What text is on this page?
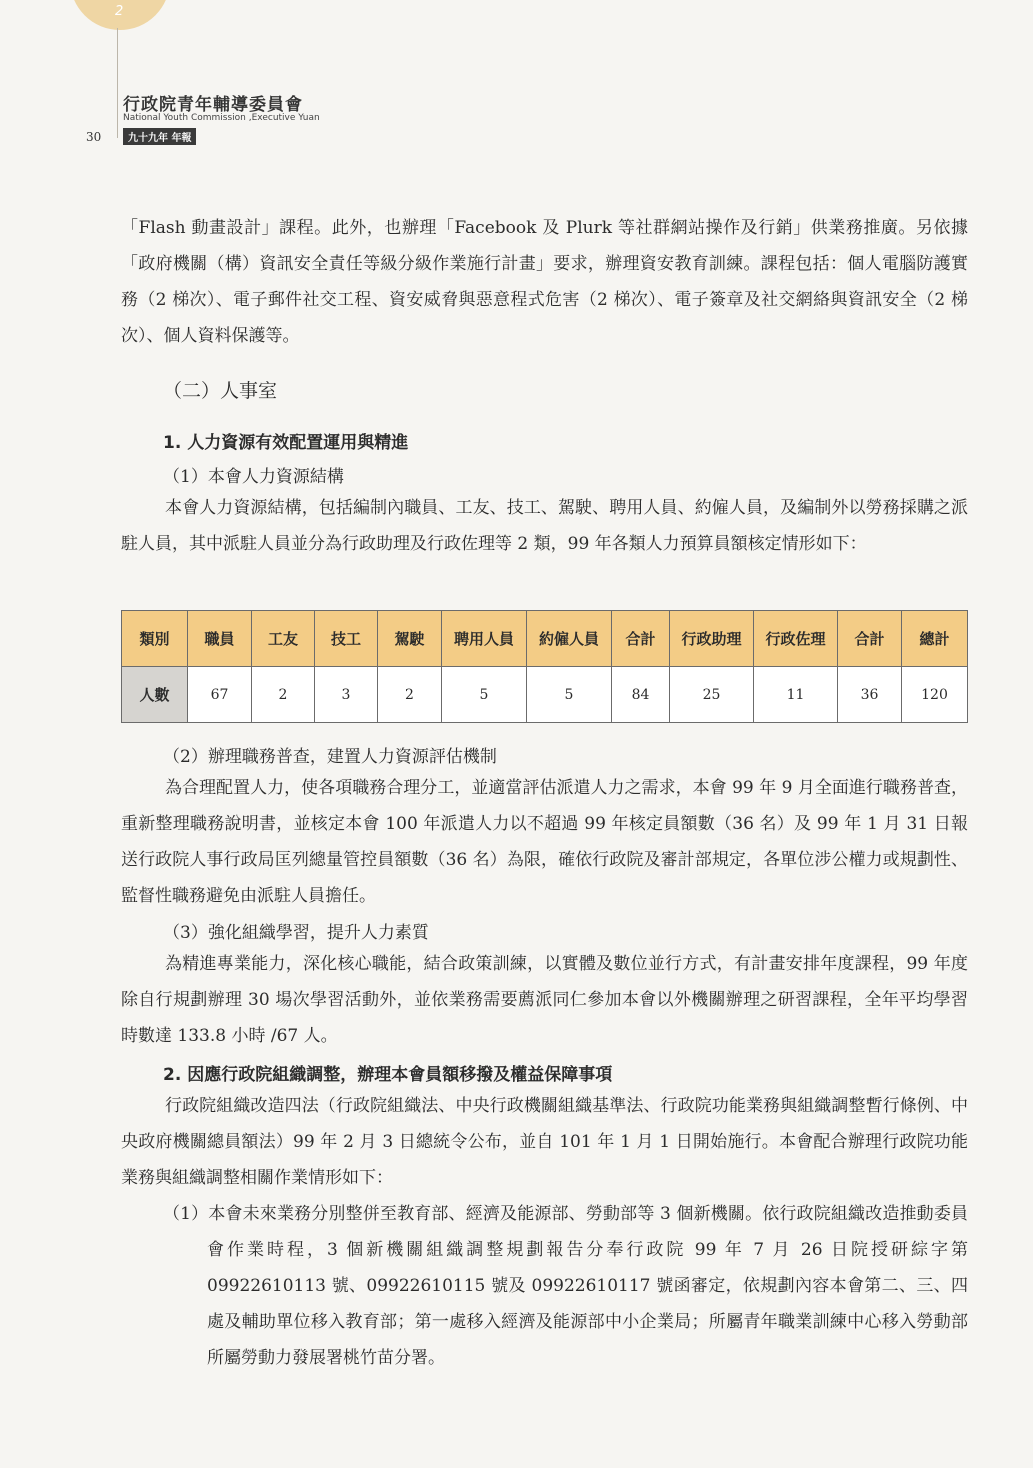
2
行政院青年輔導委員會
National Youth Commission ,Executive Yuan
九十九年 年報
30

「Flash 動畫設計」課程。此外，也辦理「Facebook 及 Plurk 等社群網站操作及行銷」供業務推廣。另依據「政府機關（構）資訊安全責任等級分級作業施行計畫」要求，辦理資安教育訓練。課程包括：個人電腦防護實務（2 梯次）、電子郵件社交工程、資安威脅與惡意程式危害（2 梯次）、電子簽章及社交網絡與資訊安全（2 梯次）、個人資料保護等。

（二）人事室
1. 人力資源有效配置運用與精進
（1）本會人力資源結構

本會人力資源結構，包括編制內職員、工友、技工、駕駛、聘用人員、約僱人員，及編制外以勞務採購之派駐人員，其中派駐人員並分為行政助理及行政佐理等 2 類，99 年各類人力預算員額核定情形如下：

類別	職員	工友	技工	駕駛	聘用人員	約僱人員	合計	行政助理	行政佐理	合計	總計
人數	67	2	3	2	5	5	84	25	11	36	120
（2）辦理職務普查，建置人力資源評估機制

為合理配置人力，使各項職務合理分工，並適當評估派遣人力之需求，本會 99 年 9 月全面進行職務普查，重新整理職務說明書，並核定本會 100 年派遣人力以不超過 99 年核定員額數（36 名）及 99 年 1 月 31 日報送行政院人事行政局匡列總量管控員額數（36 名）為限，確依行政院及審計部規定，各單位涉公權力或規劃性、監督性職務避免由派駐人員擔任。

（3）強化組織學習，提升人力素質

為精進專業能力，深化核心職能，結合政策訓練，以實體及數位並行方式，有計畫安排年度課程，99 年度除自行規劃辦理 30 場次學習活動外，並依業務需要薦派同仁參加本會以外機關辦理之研習課程，全年平均學習時數達 133.8 小時 /67 人。

2. 因應行政院組織調整，辦理本會員額移撥及權益保障事項

行政院組織改造四法（行政院組織法、中央行政機關組織基準法、行政院功能業務與組織調整暫行條例、中央政府機關總員額法）99 年 2 月 3 日總統令公布，並自 101 年 1 月 1 日開始施行。本會配合辦理行政院功能業務與組織調整相關作業情形如下：

（1）本會未來業務分別整併至教育部、經濟及能源部、勞動部等 3 個新機關。依行政院組織改造推動委員會作業時程，3 個新機關組織調整規劃報告分奉行政院 99 年 7 月 26 日院授研綜字第 09922610113 號、09922610115 號及 09922610117 號函審定，依規劃內容本會第二、三、四處及輔助單位移入教育部；第一處移入經濟及能源部中小企業局；所屬青年職業訓練中心移入勞動部所屬勞動力發展署桃竹苗分署。
